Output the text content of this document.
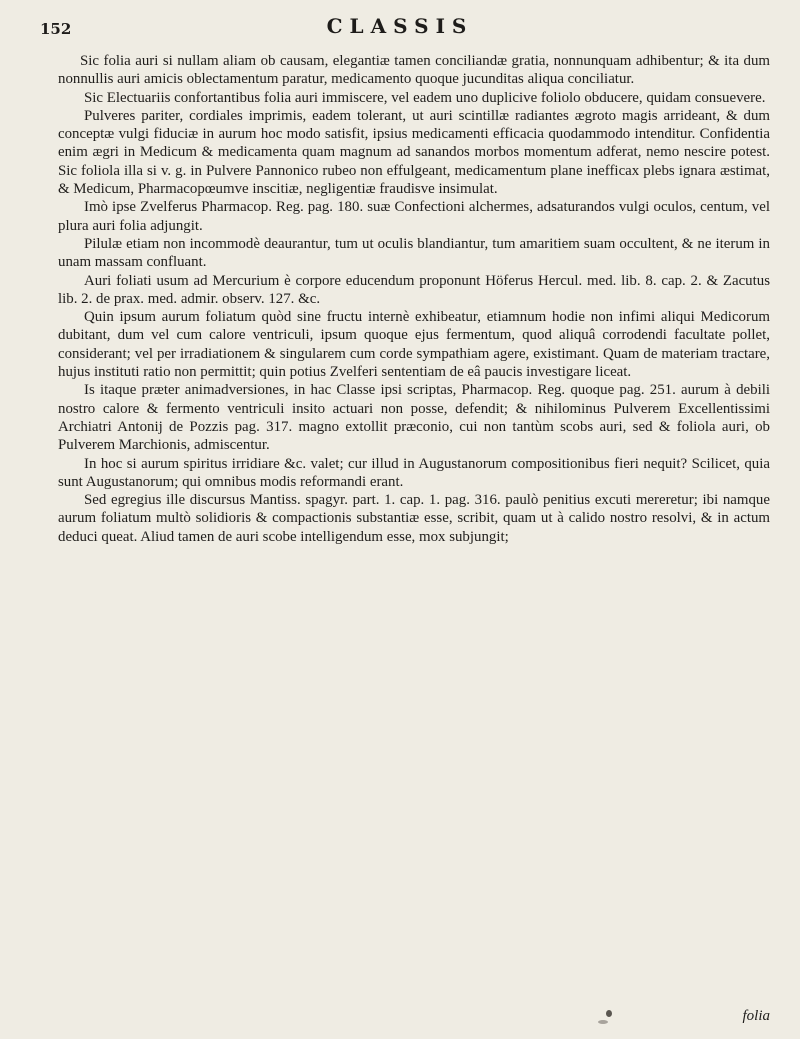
152	CLASSIS

Sic folia auri si nullam aliam ob causam, elegantiæ tamen conciliandæ gratia, nonnunquam adhibentur; & ita dum nonnullis auri amicis oblectamentum paratur, medicamento quoque jucunditas aliqua conciliatur.

Sic Electuariis confortantibus folia auri immiscere, vel eadem uno duplicive foliolo obducere, quidam consuevere.

Pulveres pariter, cordiales imprimis, eadem tolerant, ut auri scintillæ radiantes ægroto magis arrideant, & dum conceptæ vulgi fiduciæ in aurum hoc modo satisfit, ipsius medicamenti efficacia quodammodo intenditur. Confidentia enim ægri in Medicum & medicamenta quam magnum ad sanandos morbos momentum adferat, nemo nescire potest. Sic foliola illa si v. g. in Pulvere Pannonico rubeo non effulgeant, medicamentum plane inefficax plebs ignara æstimat, & Medicum, Pharmacopœumve inscitiæ, negligentiæ fraudisve insimulat.

Imò ipse Zvelferus Pharmacop. Reg. pag. 180. suæ Confectioni alchermes, adsaturandos vulgi oculos, centum, vel plura auri folia adjungit.

Pilulæ etiam non incommodè deaurantur, tum ut oculis blandiantur, tum amaritiem suam occultent, & ne iterum in unam massam confluant.

Auri foliati usum ad Mercurium è corpore educendum proponunt Höferus Hercul. med. lib. 8. cap. 2. & Zacutus lib. 2. de prax. med. admir. observ. 127. &c.

Quin ipsum aurum foliatum quòd sine fructu internè exhibeatur, etiamnum hodie non infimi aliqui Medicorum dubitant, dum vel cum calore ventriculi, ipsum quoque ejus fermentum, quod aliquâ corrodendi facultate pollet, considerant; vel per irradiationem & singularem cum corde sympathiam agere, existimant. Quam de materiam tractare, hujus instituti ratio non permittit; quin potius Zvelferi sententiam de eâ paucis investigare liceat.

Is itaque præter animadversiones, in hac Classe ipsi scriptas, Pharmacop. Reg. quoque pag. 251. aurum à debili nostro calore & fermento ventriculi insito actuari non posse, defendit; & nihilominus Pulverem Excellentissimi Archiatri Antonij de Pozzis pag. 317. magno extollit præconio, cui non tantùm scobs auri, sed & foliola auri, ob Pulverem Marchionis, admiscentur.

In hoc si aurum spiritus irridiare &c. valet; cur illud in Augustanorum compositionibus fieri nequit? Scilicet, quia sunt Augustanorum; qui omnibus modis reformandi erant.

Sed egregius ille discursus Mantiss. spagyr. part. 1. cap. 1. pag. 316. paulò penitius excuti mereretur; ibi namque aurum foliatum multò solidioris & compactionis substantiæ esse, scribit, quam ut à calido nostro resolvi, & in actum deduci queat. Aliud tamen de auri scobe intelligendum esse, mox subjungit;

folia
